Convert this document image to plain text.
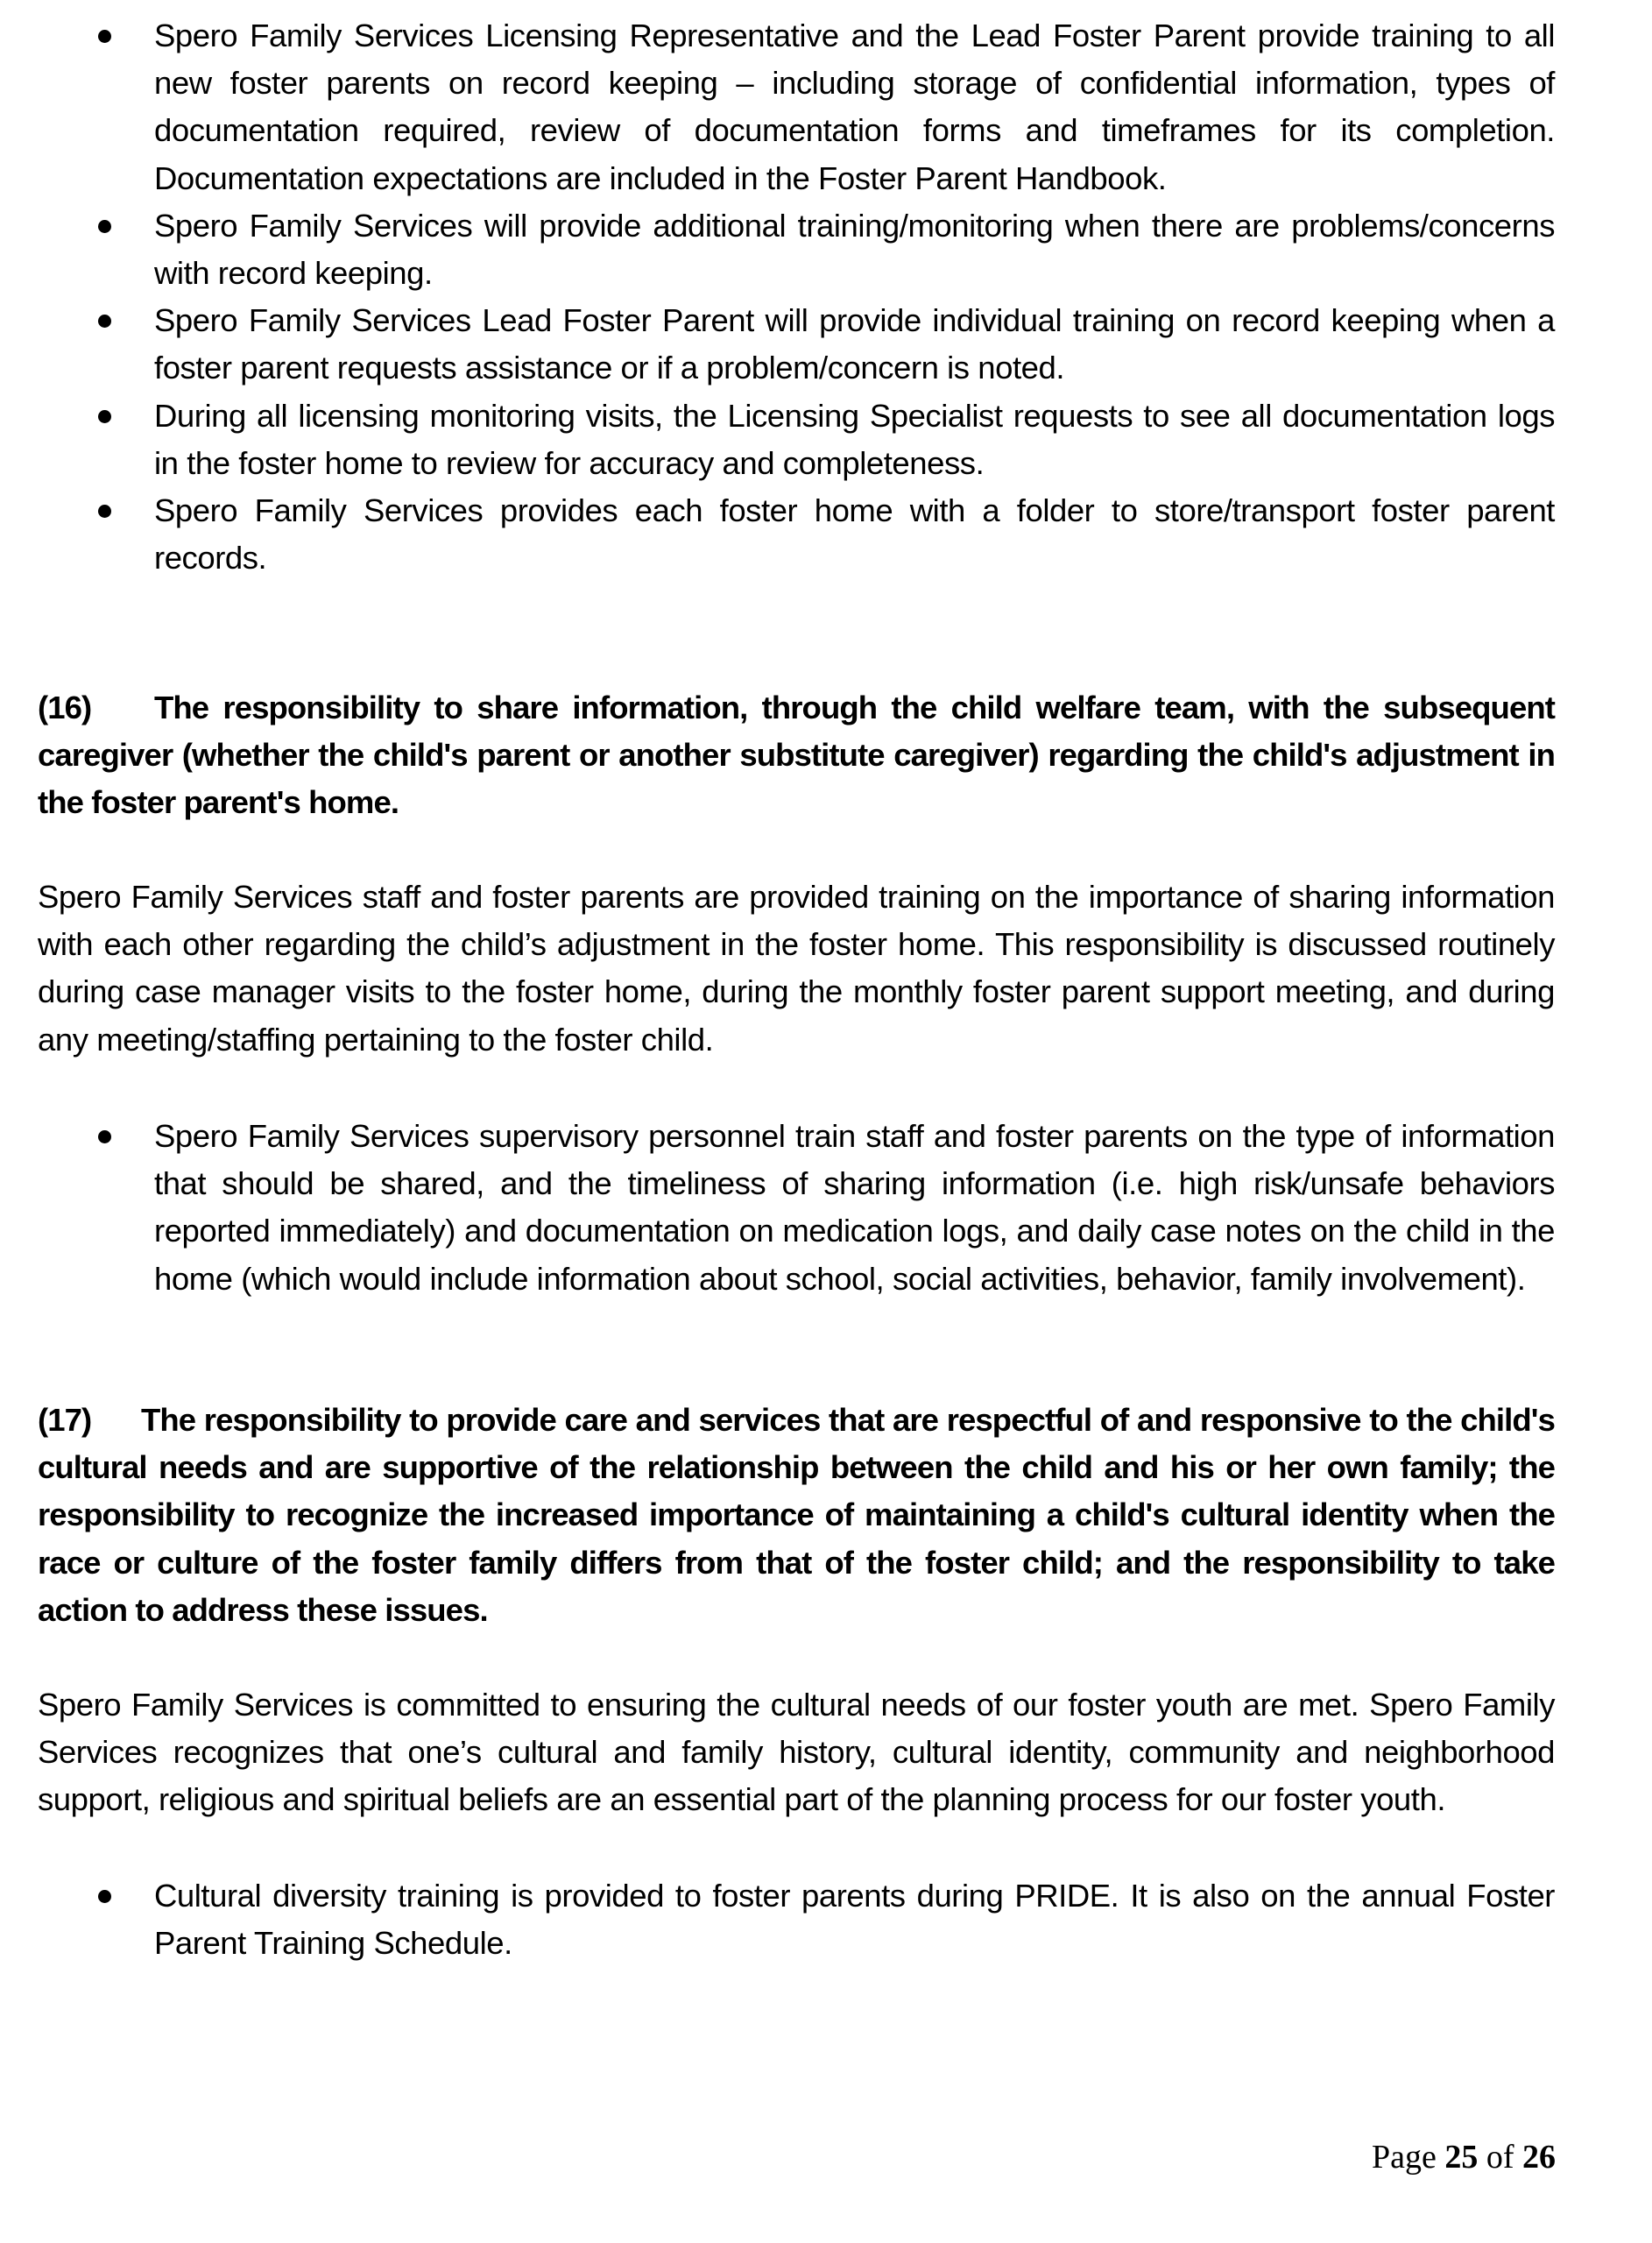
Spero Family Services Licensing Representative and the Lead Foster Parent provide training to all new foster parents on record keeping – including storage of confidential information, types of documentation required, review of documentation forms and timeframes for its completion. Documentation expectations are included in the Foster Parent Handbook.
Spero Family Services will provide additional training/monitoring when there are problems/concerns with record keeping.
Spero Family Services Lead Foster Parent will provide individual training on record keeping when a foster parent requests assistance or if a problem/concern is noted.
During all licensing monitoring visits, the Licensing Specialist requests to see all documentation logs in the foster home to review for accuracy and completeness.
Spero Family Services provides each foster home with a folder to store/transport foster parent records.
(16) The responsibility to share information, through the child welfare team, with the subsequent caregiver (whether the child's parent or another substitute caregiver) regarding the child's adjustment in the foster parent's home.
Spero Family Services staff and foster parents are provided training on the importance of sharing information with each other regarding the child’s adjustment in the foster home. This responsibility is discussed routinely during case manager visits to the foster home, during the monthly foster parent support meeting, and during any meeting/staffing pertaining to the foster child.
Spero Family Services supervisory personnel train staff and foster parents on the type of information that should be shared, and the timeliness of sharing information (i.e. high risk/unsafe behaviors reported immediately) and documentation on medication logs, and daily case notes on the child in the home (which would include information about school, social activities, behavior, family involvement).
(17) The responsibility to provide care and services that are respectful of and responsive to the child's cultural needs and are supportive of the relationship between the child and his or her own family; the responsibility to recognize the increased importance of maintaining a child's cultural identity when the race or culture of the foster family differs from that of the foster child; and the responsibility to take action to address these issues.
Spero Family Services is committed to ensuring the cultural needs of our foster youth are met. Spero Family Services recognizes that one’s cultural and family history, cultural identity, community and neighborhood support, religious and spiritual beliefs are an essential part of the planning process for our foster youth.
Cultural diversity training is provided to foster parents during PRIDE. It is also on the annual Foster Parent Training Schedule.
Page 25 of 26
